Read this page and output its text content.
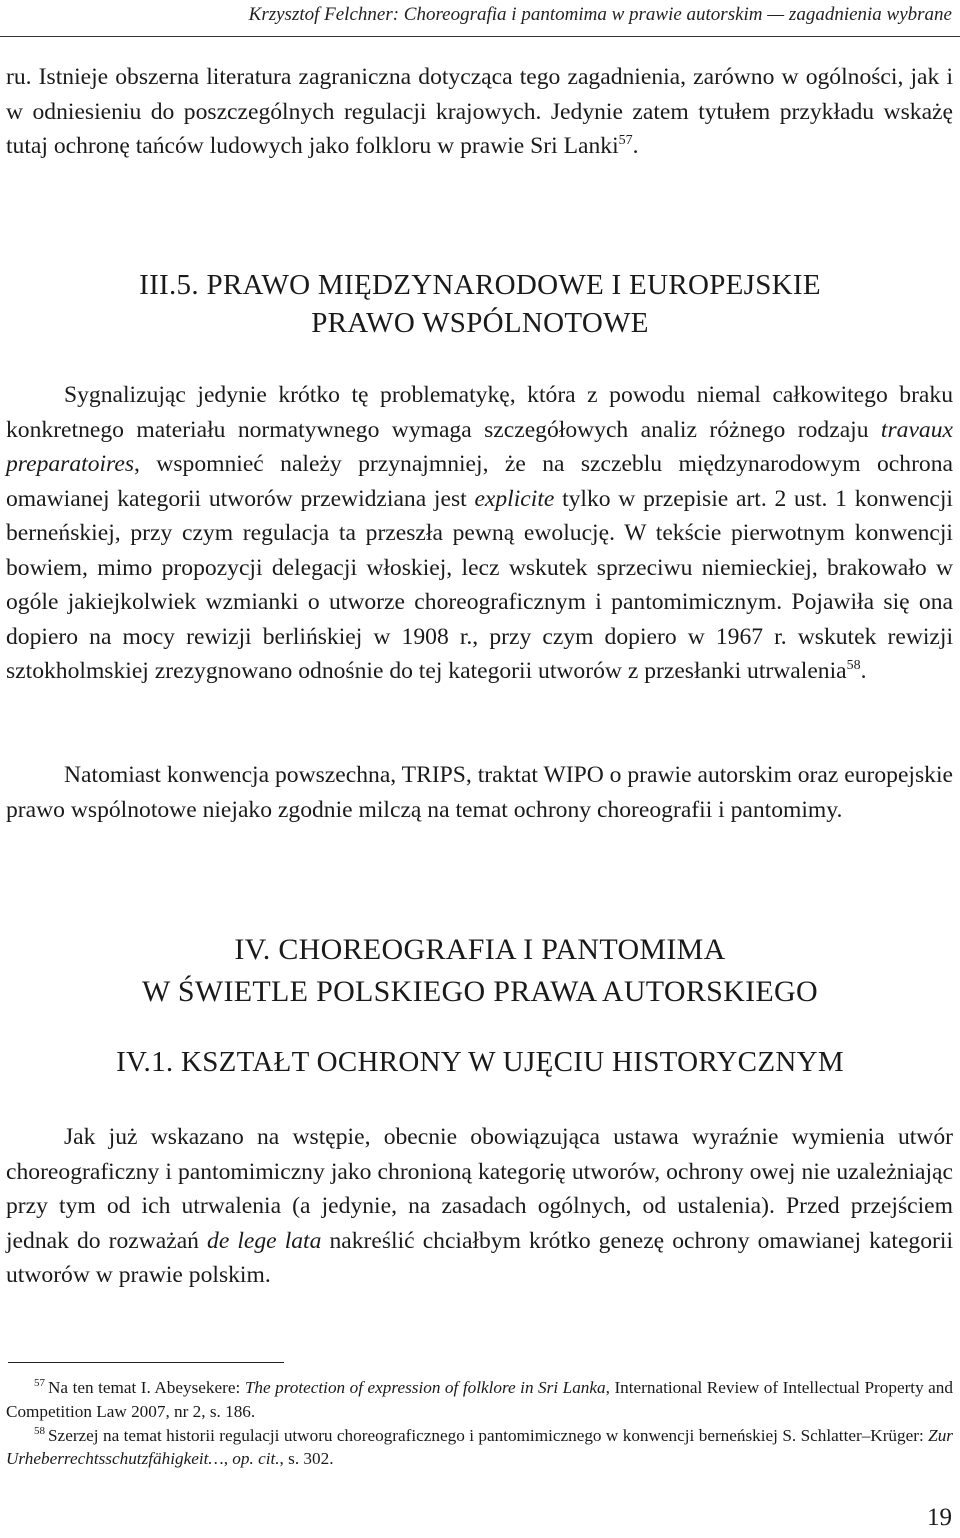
Krzysztof Felchner: Choreografia i pantomima w prawie autorskim — zagadnienia wybrane

ru. Istnieje obszerna literatura zagraniczna dotycząca tego zagadnienia, zarówno w ogólności, jak i w odniesieniu do poszczególnych regulacji krajowych. Jedynie zatem tytułem przykładu wskażę tutaj ochronę tańców ludowych jako folkloru w prawie Sri Lanki$^{57}$.

III.5. PRAWO MIĘDZYNARODOWE I EUROPEJSKIE
PRAWO WSPÓLNOTOWE

Sygnalizując jedynie krótko tę problematykę, która z powodu niemal całkowitego braku konkretnego materiału normatywnego wymaga szczegółowych analiz różnego rodzaju travaux preparatoires, wspomnieć należy przynajmniej, że na szczeblu międzynarodowym ochrona omawianej kategorii utworów przewidziana jest explicite tylko w przepisie art. 2 ust. 1 konwencji berneńskiej, przy czym regulacja ta przeszła pewną ewolucję. W tekście pierwotnym konwencji bowiem, mimo propozycji delegacji włoskiej, lecz wskutek sprzeciwu niemieckiej, brakowało w ogóle jakiejkolwiek wzmianki o utworze choreograficznym i pantomimicznym. Pojawiła się ona dopiero na mocy rewizji berlińskiej w 1908 r., przy czym dopiero w 1967 r. wskutek rewizji sztokholmskiej zrezygnowano odnośnie do tej kategorii utworów z przesłanki utrwalenia$^{58}$.

Natomiast konwencja powszechna, TRIPS, traktat WIPO o prawie autorskim oraz europejskie prawo wspólnotowe niejako zgodnie milczą na temat ochrony choreografii i pantomimy.

IV. CHOREOGRAFIA I PANTOMIMA
W ŚWIETLE POLSKIEGO PRAWA AUTORSKIEGO
IV.1. KSZTAŁT OCHRONY W UJĘCIU HISTORYCZNYM

Jak już wskazano na wstępie, obecnie obowiązująca ustawa wyraźnie wymienia utwór choreograficzny i pantomimiczny jako chronioną kategorię utworów, ochrony owej nie uzależniając przy tym od ich utrwalenia (a jedynie, na zasadach ogólnych, od ustalenia). Przed przejściem jednak do rozważań de lege lata nakreślić chciałbym krótko genezę ochrony omawianej kategorii utworów w prawie polskim.

$^{57}$ Na ten temat I. Abeysekere: The protection of expression of folklore in Sri Lanka, International Review of Intellectual Property and Competition Law 2007, nr 2, s. 186.

$^{58}$ Szerzej na temat historii regulacji utworu choreograficznego i pantomimicznego w konwencji berneńskiej S. Schlatter–Krüger: Zur Urheberrechtsschutzfähigkeit…, op. cit., s. 302.

19
